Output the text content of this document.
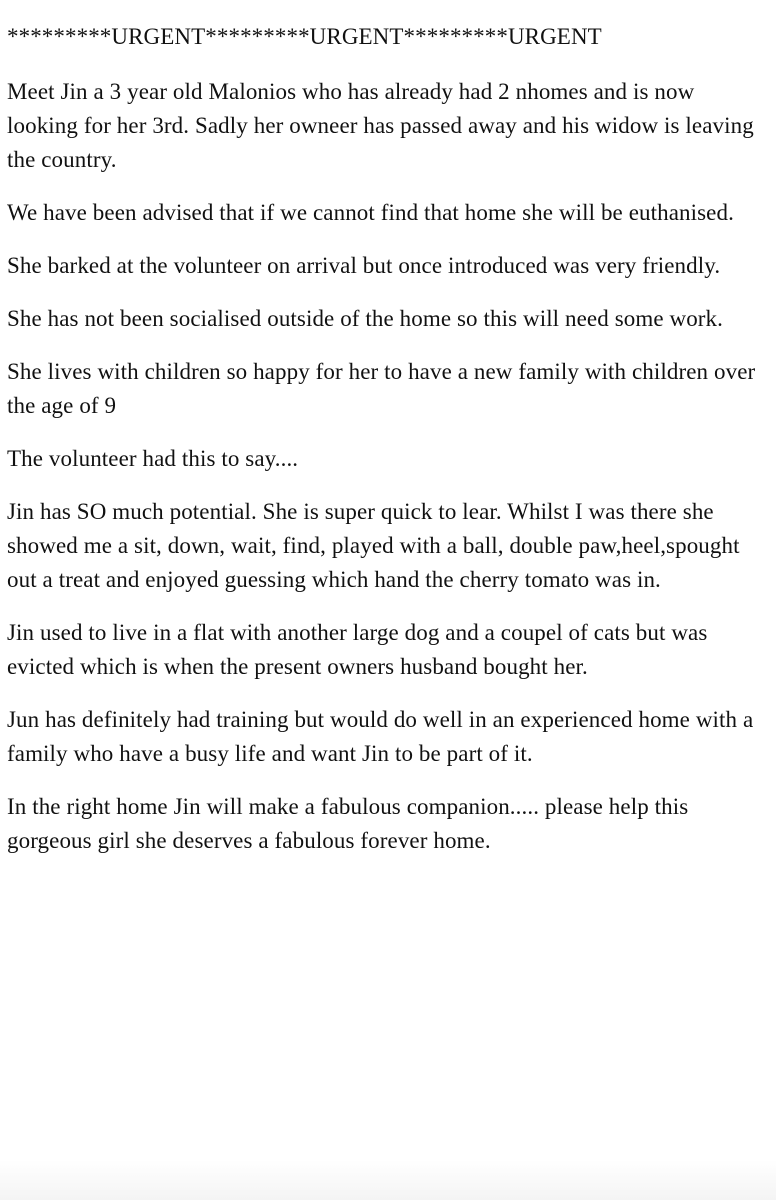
*********URGENT*********URGENT*********URGENT

Meet Jin a 3 year old Malonios who has already had 2 nhomes and is now looking for her 3rd. Sadly her owneer has passed away and his widow is leaving the country.

We have been advised that if we cannot find that home she will be euthanised.

She barked at the volunteer on arrival but once introduced was very friendly.

She has not been socialised outside of the home so this will need some work.

She lives with children so happy for her to have a new family with children over the age of 9

The volunteer had this to say....

Jin has SO much potential. She is super quick to lear. Whilst I was there she showed me a sit, down, wait, find, played with a ball, double paw,heel,spought out a treat and enjoyed guessing which hand the cherry tomato was in.

Jin used to live in a flat with another large dog and a coupel of cats but was evicted which is when the present owners husband bought her.

Jun has definitely had training but would do well in an experienced home with a family who have a busy life and want Jin to be part of it.

In the right home Jin will make a fabulous companion..... please help this gorgeous girl she deserves a fabulous forever home.
